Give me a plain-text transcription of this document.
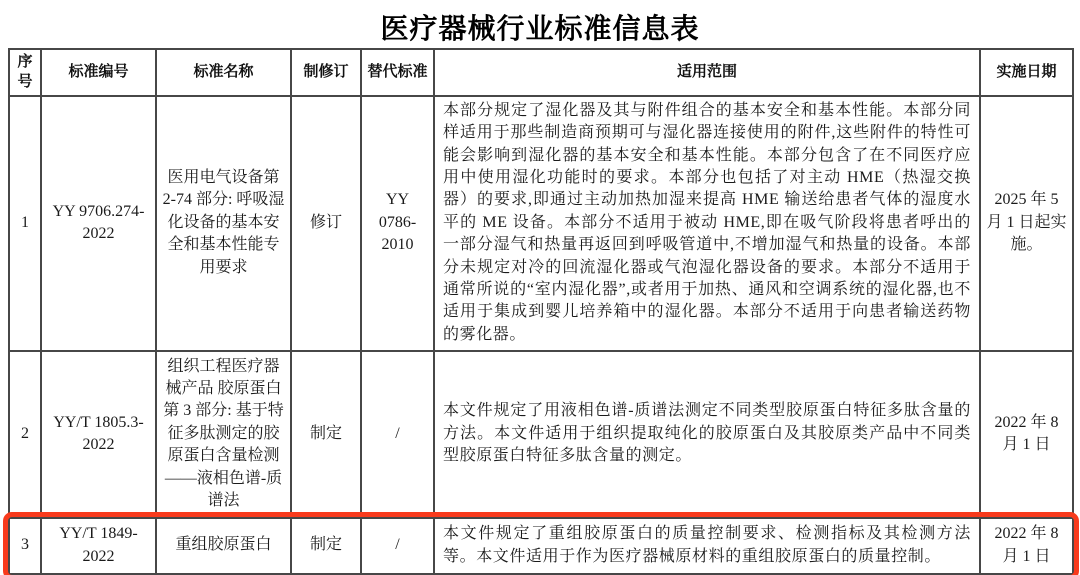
医疗器械行业标准信息表
序号	标准编号	标准名称	制修订	替代标准	适用范围	实施日期
1	YY 9706.274-2022	医用电气设备第 2-74 部分: 呼吸湿化设备的基本安全和基本性能专用要求	修订	YY 0786-2010	本部分规定了湿化器及其与附件组合的基本安全和基本性能。本部分同样适用于那些制造商预期可与湿化器连接使用的附件,这些附件的特性可能会影响到湿化器的基本安全和基本性能。本部分包含了在不同医疗应用中使用湿化功能时的要求。本部分也包括了对主动 HME（热湿交换器）的要求,即通过主动加热加湿来提高 HME 输送给患者气体的湿度水平的 ME 设备。本部分不适用于被动 HME,即在吸气阶段将患者呼出的一部分湿气和热量再返回到呼吸管道中,不增加湿气和热量的设备。本部分未规定对冷的回流湿化器或气泡湿化器设备的要求。本部分不适用于通常所说的“室内湿化器”,或者用于加热、通风和空调系统的湿化器,也不适用于集成到婴儿培养箱中的湿化器。本部分不适用于向患者输送药物的雾化器。	2025 年 5 月 1 日起实施。
2	YY/T 1805.3-2022	组织工程医疗器械产品 胶原蛋白 第 3 部分: 基于特征多肽测定的胶原蛋白含量检测——液相色谱-质谱法	制定	/	本文件规定了用液相色谱-质谱法测定不同类型胶原蛋白特征多肽含量的方法。本文件适用于组织提取纯化的胶原蛋白及其胶原类产品中不同类型胶原蛋白特征多肽含量的测定。	2022 年 8 月 1 日
3	YY/T 1849-2022	重组胶原蛋白	制定	/	本文件规定了重组胶原蛋白的质量控制要求、检测指标及其检测方法等。本文件适用于作为医疗器械原材料的重组胶原蛋白的质量控制。	2022 年 8 月 1 日
